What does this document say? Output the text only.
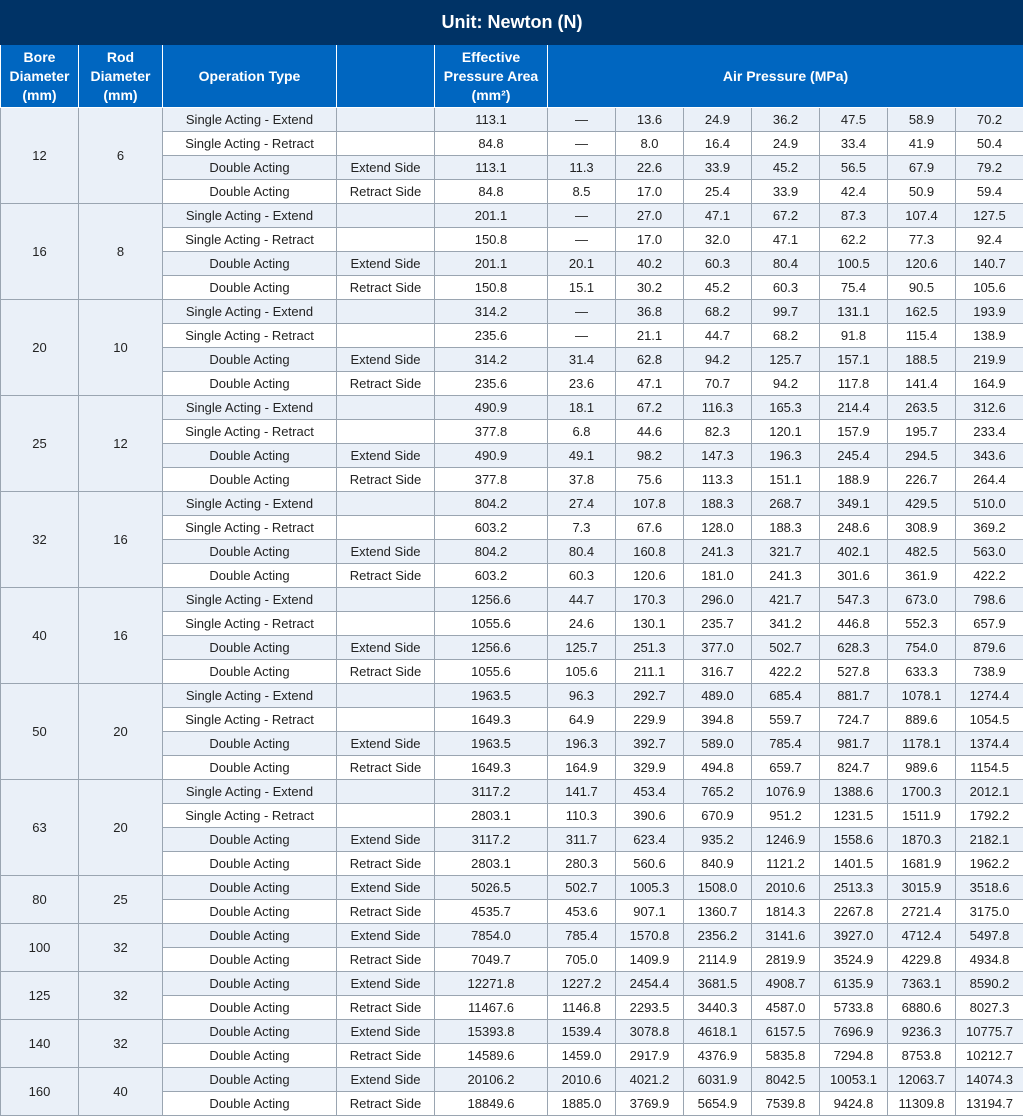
Unit: Newton (N)											
Bore Diameter (mm)	Rod Diameter (mm)	Operation Type		Effective Pressure Area (mm²)	Air Pressure (MPa)						
12	6	Single Acting - Extend		113.1	—	13.6	24.9	36.2	47.5	58.9	70.2
		Single Acting - Retract		84.8	—	8.0	16.4	24.9	33.4	41.9	50.4
		Double Acting	Extend Side	113.1	11.3	22.6	33.9	45.2	56.5	67.9	79.2
		Double Acting	Retract Side	84.8	8.5	17.0	25.4	33.9	42.4	50.9	59.4
16	8	Single Acting - Extend		201.1	—	27.0	47.1	67.2	87.3	107.4	127.5
		Single Acting - Retract		150.8	—	17.0	32.0	47.1	62.2	77.3	92.4
		Double Acting	Extend Side	201.1	20.1	40.2	60.3	80.4	100.5	120.6	140.7
		Double Acting	Retract Side	150.8	15.1	30.2	45.2	60.3	75.4	90.5	105.6
20	10	Single Acting - Extend		314.2	—	36.8	68.2	99.7	131.1	162.5	193.9
		Single Acting - Retract		235.6	—	21.1	44.7	68.2	91.8	115.4	138.9
		Double Acting	Extend Side	314.2	31.4	62.8	94.2	125.7	157.1	188.5	219.9
		Double Acting	Retract Side	235.6	23.6	47.1	70.7	94.2	117.8	141.4	164.9
25	12	Single Acting - Extend		490.9	18.1	67.2	116.3	165.3	214.4	263.5	312.6
		Single Acting - Retract		377.8	6.8	44.6	82.3	120.1	157.9	195.7	233.4
		Double Acting	Extend Side	490.9	49.1	98.2	147.3	196.3	245.4	294.5	343.6
		Double Acting	Retract Side	377.8	37.8	75.6	113.3	151.1	188.9	226.7	264.4
32	16	Single Acting - Extend		804.2	27.4	107.8	188.3	268.7	349.1	429.5	510.0
		Single Acting - Retract		603.2	7.3	67.6	128.0	188.3	248.6	308.9	369.2
		Double Acting	Extend Side	804.2	80.4	160.8	241.3	321.7	402.1	482.5	563.0
		Double Acting	Retract Side	603.2	60.3	120.6	181.0	241.3	301.6	361.9	422.2
40	16	Single Acting - Extend		1256.6	44.7	170.3	296.0	421.7	547.3	673.0	798.6
		Single Acting - Retract		1055.6	24.6	130.1	235.7	341.2	446.8	552.3	657.9
		Double Acting	Extend Side	1256.6	125.7	251.3	377.0	502.7	628.3	754.0	879.6
		Double Acting	Retract Side	1055.6	105.6	211.1	316.7	422.2	527.8	633.3	738.9
50	20	Single Acting - Extend		1963.5	96.3	292.7	489.0	685.4	881.7	1078.1	1274.4
		Single Acting - Retract		1649.3	64.9	229.9	394.8	559.7	724.7	889.6	1054.5
		Double Acting	Extend Side	1963.5	196.3	392.7	589.0	785.4	981.7	1178.1	1374.4
		Double Acting	Retract Side	1649.3	164.9	329.9	494.8	659.7	824.7	989.6	1154.5
63	20	Single Acting - Extend		3117.2	141.7	453.4	765.2	1076.9	1388.6	1700.3	2012.1
		Single Acting - Retract		2803.1	110.3	390.6	670.9	951.2	1231.5	1511.9	1792.2
		Double Acting	Extend Side	3117.2	311.7	623.4	935.2	1246.9	1558.6	1870.3	2182.1
		Double Acting	Retract Side	2803.1	280.3	560.6	840.9	1121.2	1401.5	1681.9	1962.2
80	25	Double Acting	Extend Side	5026.5	502.7	1005.3	1508.0	2010.6	2513.3	3015.9	3518.6
		Double Acting	Retract Side	4535.7	453.6	907.1	1360.7	1814.3	2267.8	2721.4	3175.0
100	32	Double Acting	Extend Side	7854.0	785.4	1570.8	2356.2	3141.6	3927.0	4712.4	5497.8
		Double Acting	Retract Side	7049.7	705.0	1409.9	2114.9	2819.9	3524.9	4229.8	4934.8
125	32	Double Acting	Extend Side	12271.8	1227.2	2454.4	3681.5	4908.7	6135.9	7363.1	8590.2
		Double Acting	Retract Side	11467.6	1146.8	2293.5	3440.3	4587.0	5733.8	6880.6	8027.3
140	32	Double Acting	Extend Side	15393.8	1539.4	3078.8	4618.1	6157.5	7696.9	9236.3	10775.7
		Double Acting	Retract Side	14589.6	1459.0	2917.9	4376.9	5835.8	7294.8	8753.8	10212.7
160	40	Double Acting	Extend Side	20106.2	2010.6	4021.2	6031.9	8042.5	10053.1	12063.7	14074.3
		Double Acting	Retract Side	18849.6	1885.0	3769.9	5654.9	7539.8	9424.8	11309.8	13194.7
